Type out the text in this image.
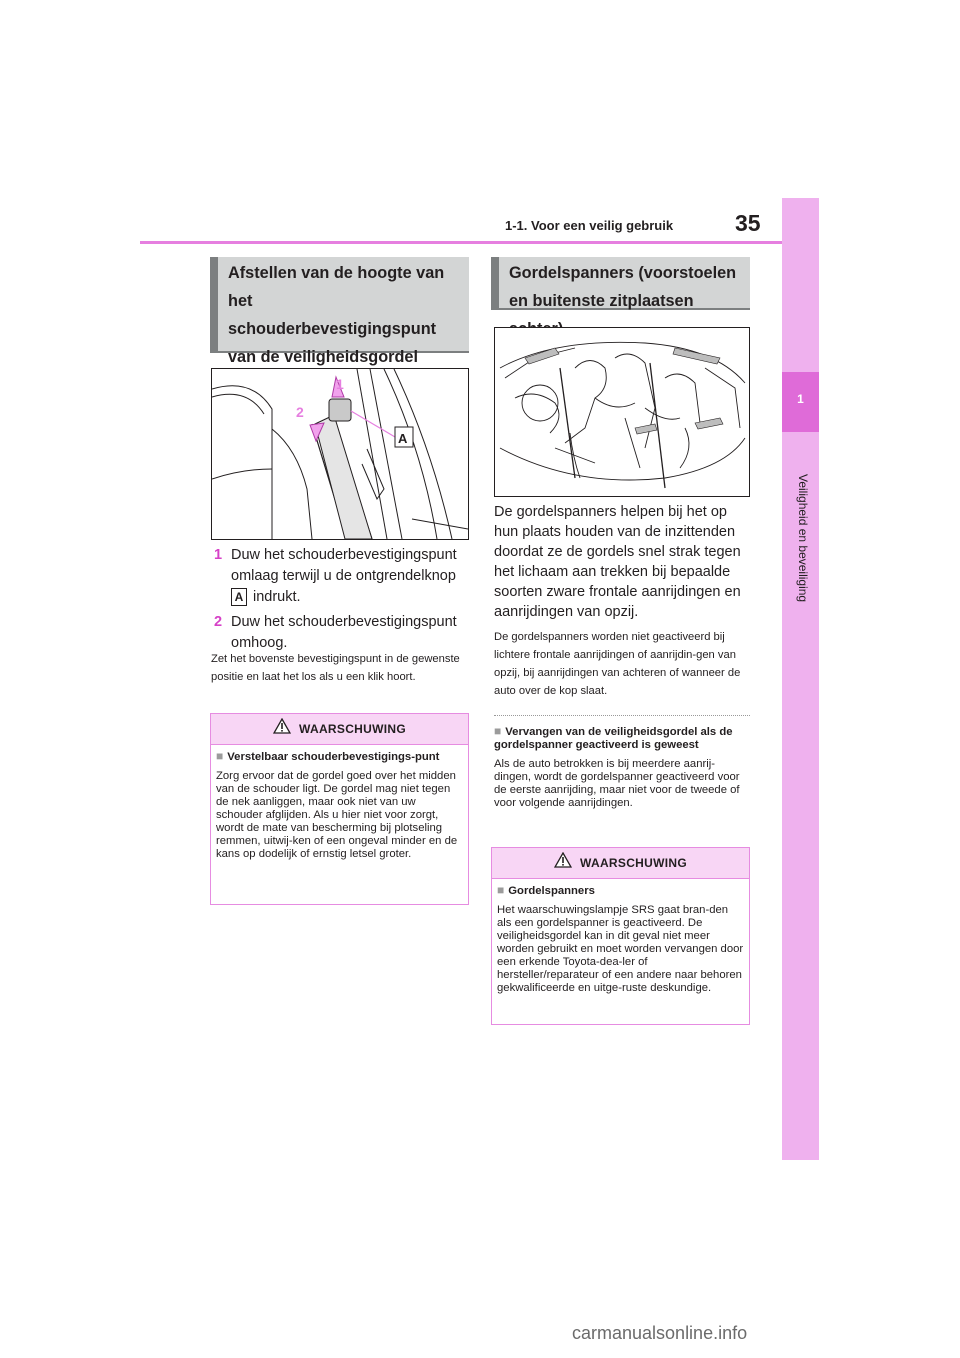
1-1. Voor een veilig gebruik	35
1
Veiligheid en beveiliging
Afstellen van de hoogte van het schouderbevestigingspunt van de veiligheidsgordel
1
2
A
1 Duw het schouderbevestigingspunt omlaag terwijl u de ontgrendelknop
A indrukt.
2 Duw het schouderbevestigingspunt omhoog.
Zet het bovenste bevestigingspunt in de gewenste positie en laat het los als u een klik hoort.
WAARSCHUWING
■ Verstelbaar schouderbevestigings-punt
Zorg ervoor dat de gordel goed over het midden van de schouder ligt. De gordel mag niet tegen de nek aanliggen, maar ook niet van uw schouder afglijden. Als u hier niet voor zorgt, wordt de mate van bescherming bij plotseling remmen, uitwij-ken of een ongeval minder en de kans op dodelijk of ernstig letsel groter.
Gordelspanners (voorstoelen en buitenste zitplaatsen
De gordelspanners helpen bij het op hun plaats houden van de inzittenden doordat ze de gordels snel strak tegen het lichaam aan trekken bij bepaalde soorten zware frontale aanrijdingen en aanrijdingen van opzij.
De gordelspanners worden niet geactiveerd bij lichtere frontale aanrijdingen of aanrijdin-gen van opzij, bij aanrijdingen van achteren of wanneer de auto over de kop slaat.
■ Vervangen van de veiligheidsgordel als de gordelspanner geactiveerd is geweest
Als de auto betrokken is bij meerdere aanrij-dingen, wordt de gordelspanner geactiveerd voor de eerste aanrijding, maar niet voor de tweede of voor volgende aanrijdingen.
WAARSCHUWING
■ Gordelspanners
Het waarschuwingslampje SRS gaat bran-den als een gordelspanner is geactiveerd. De veiligheidsgordel kan in dit geval niet meer worden gebruikt en moet worden vervangen door een erkende Toyota-dea-ler of hersteller/reparateur of een andere naar behoren gekwalificeerde en uitge-ruste deskundige.
carmanualsonline.info
